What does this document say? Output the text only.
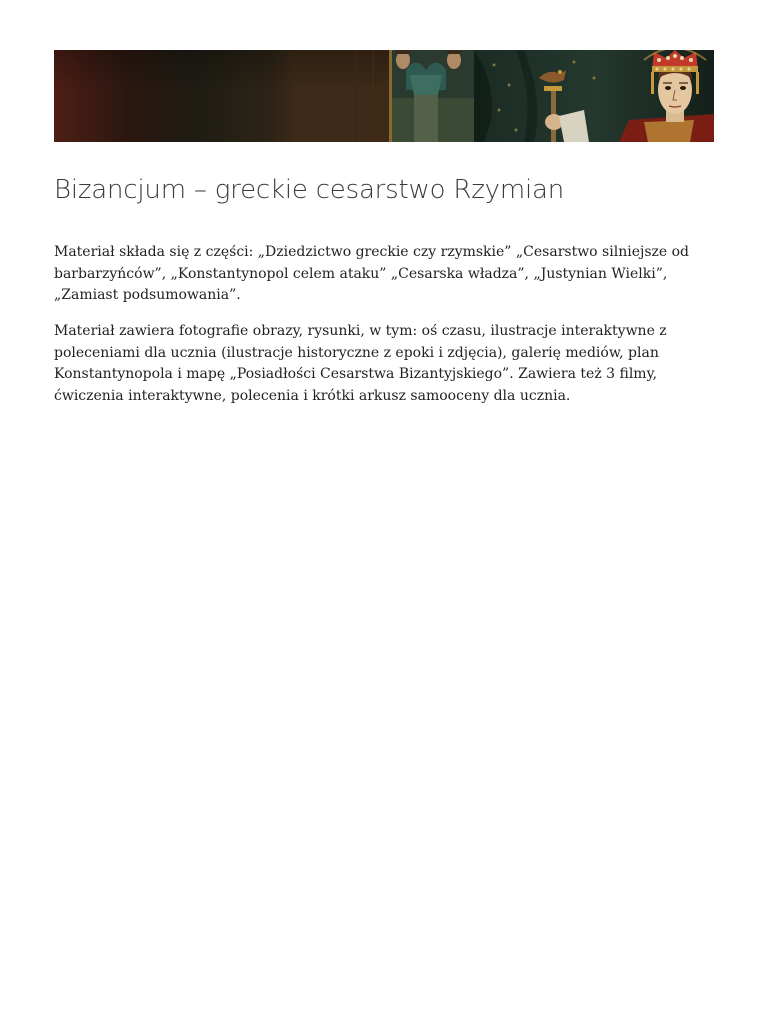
Bizancjum – greckie cesarstwo Rzymian

Materiał składa się z części: „Dziedzictwo greckie czy rzymskie” „Cesarstwo silniejsze od barbarzyńców”, „Konstantynopol celem ataku” „Cesarska władza”, „Justynian Wielki”, „Zamiast podsumowania”.

Materiał zawiera fotografie obrazy, rysunki, w tym: oś czasu, ilustracje interaktywne z poleceniami dla ucznia (ilustracje historyczne z epoki i zdjęcia), galerię mediów, plan Konstantynopola i mapę „Posiadłości Cesarstwa Bizantyjskiego”. Zawiera też 3 filmy, ćwiczenia interaktywne, polecenia i krótki arkusz samooceny dla ucznia.
